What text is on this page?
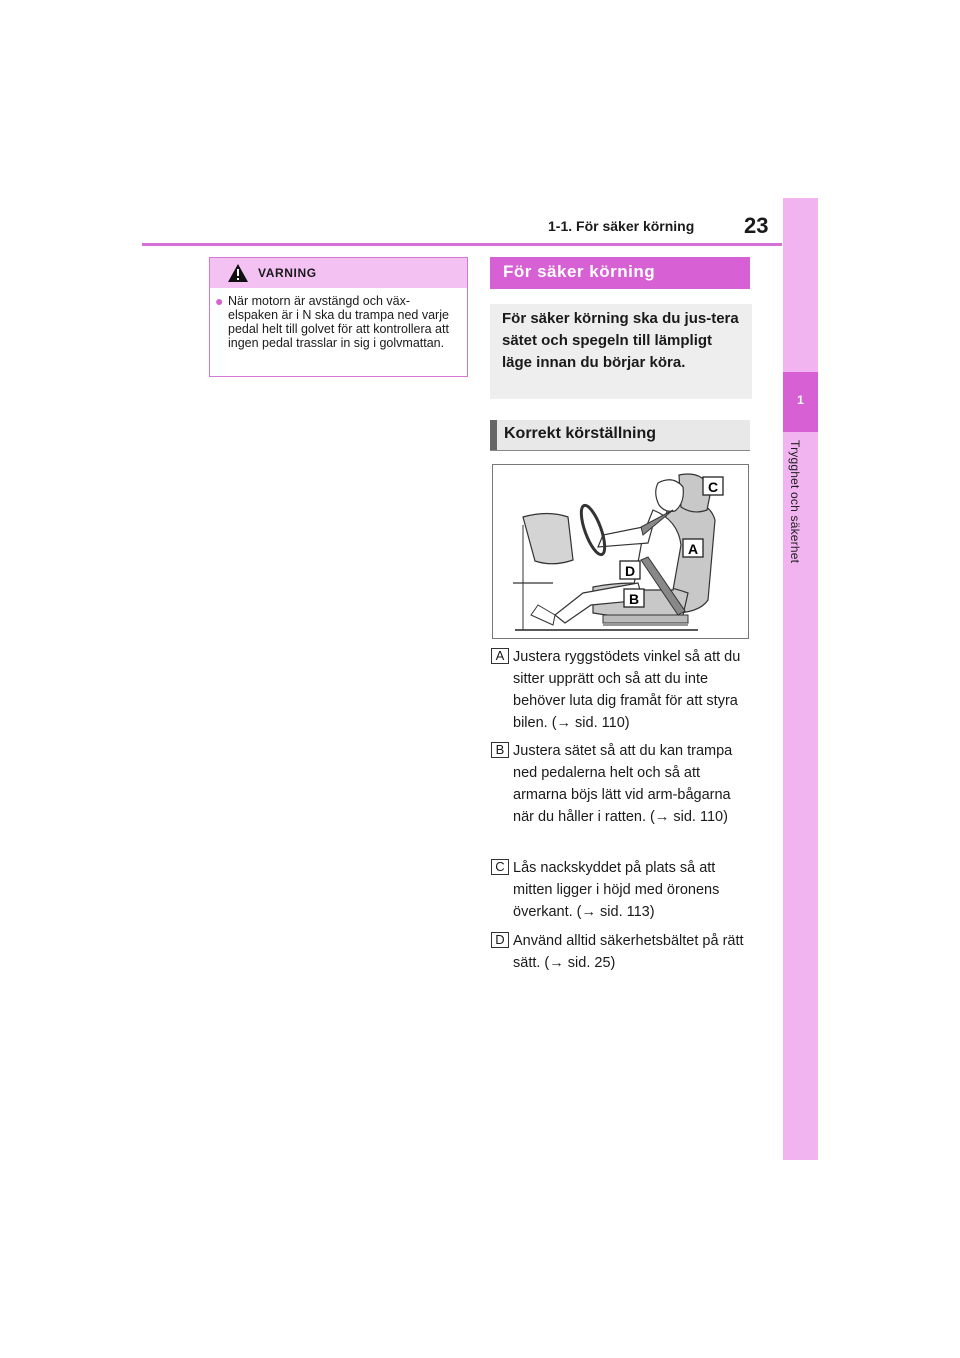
1-1. För säker körning 23
1
Trygghet och säkerhet
VARNING
● När motorn är avstängd och väx-elspaken är i N ska du trampa ned varje pedal helt till golvet för att kontrollera att ingen pedal trasslar in sig i golvmattan.
För säker körning
För säker körning ska du jus-tera sätet och spegeln till lämpligt läge innan du börjar köra.
Korrekt körställning
C
A
D
B
A Justera ryggstödets vinkel så att du sitter upprätt och så att du inte behöver luta dig framåt för att styra bilen. (→ sid. 110)
B Justera sätet så att du kan trampa ned pedalerna helt och så att armarna böjs lätt vid arm-bågarna när du håller i ratten. (→ sid. 110)
C Lås nackskyddet på plats så att mitten ligger i höjd med öronens överkant. (→ sid. 113)
D Använd alltid säkerhetsbältet på rätt sätt. (→ sid. 25)
